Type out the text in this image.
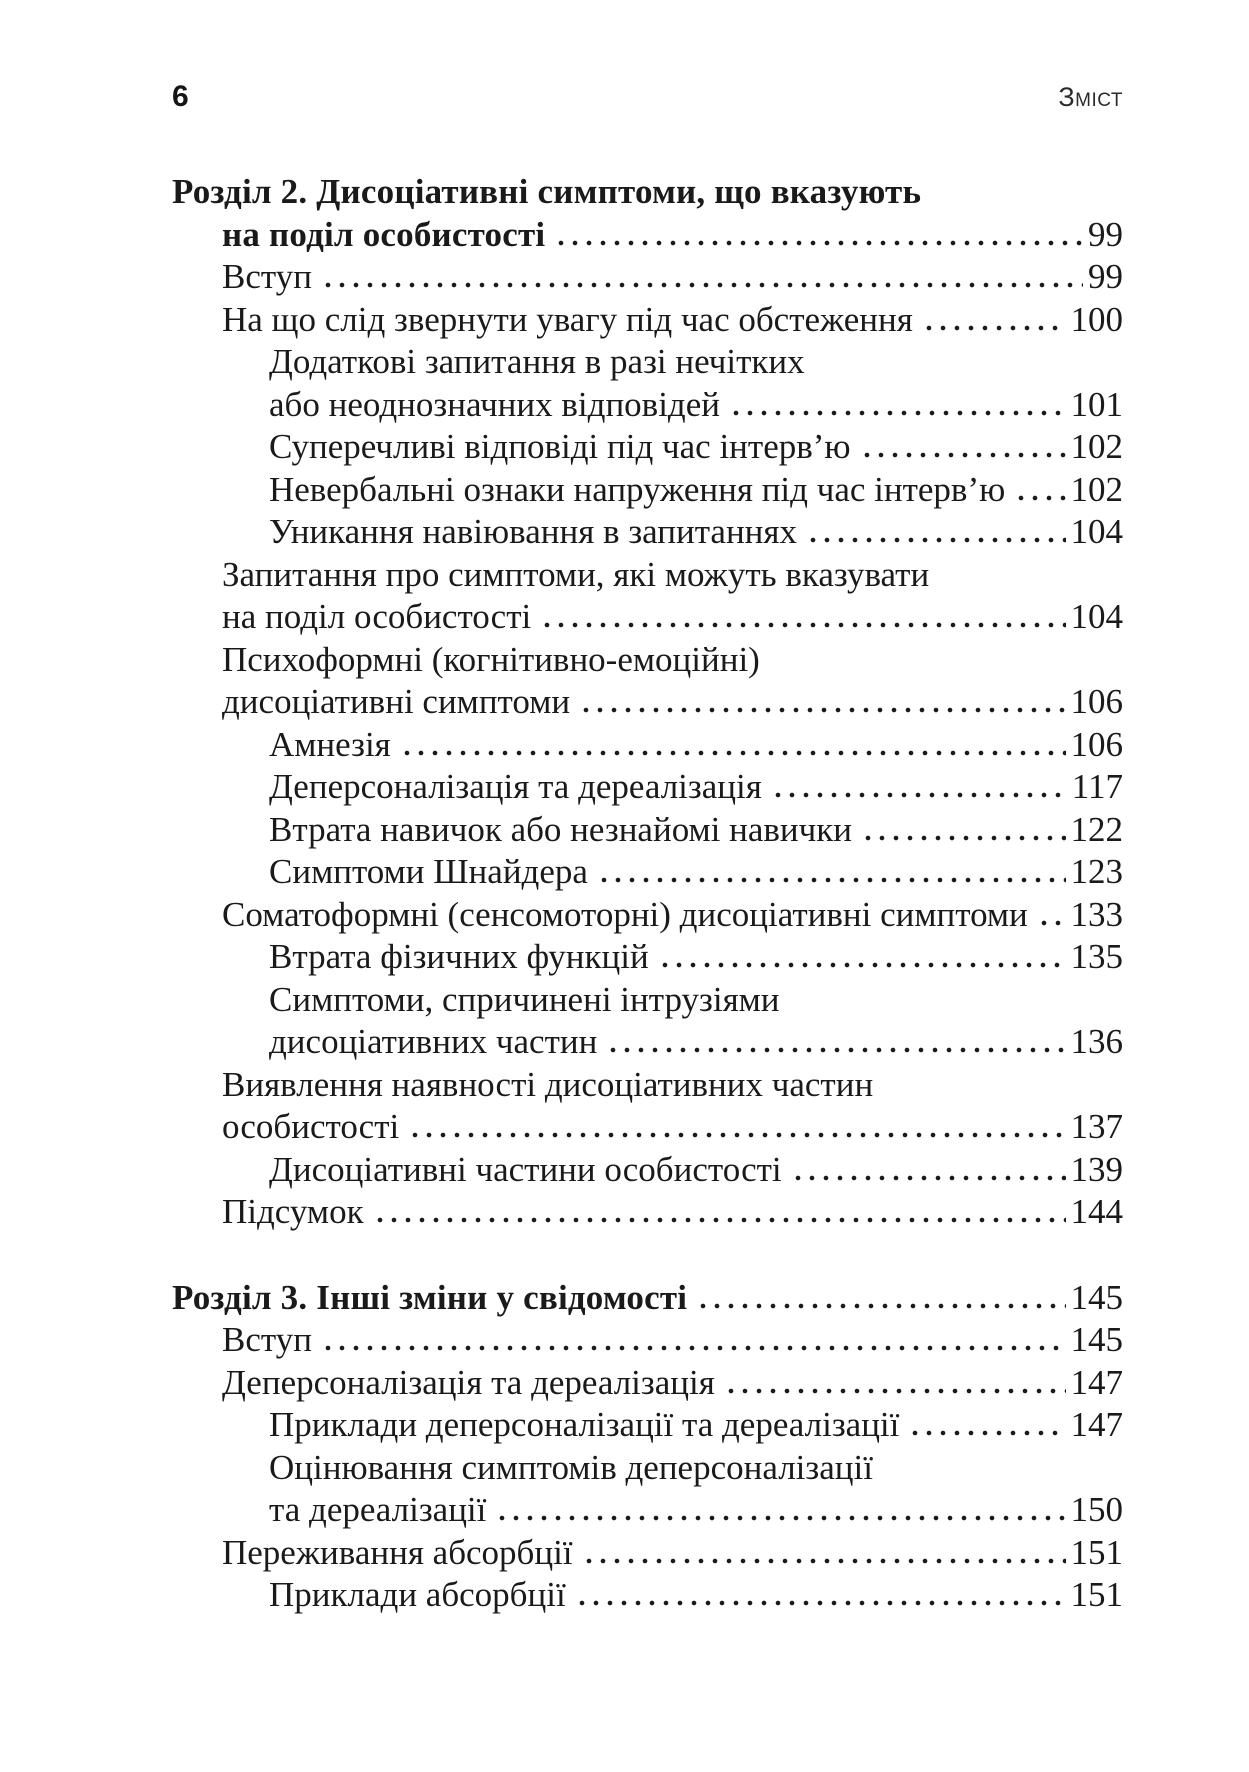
6	Зміст
Розділ 2. Дисоціативні симптоми, що вказують
на поділ особистості	99
Вступ	99
На що слід звернути увагу під час обстеження	100
Додаткові запитання в разі нечітких
або неоднозначних відповідей	101
Суперечливі відповіді під час інтерв’ю	102
Невербальні ознаки напруження під час інтерв’ю 102
Уникання навіювання в запитаннях	104
Запитання про симптоми, які можуть вказувати
на поділ особистості	104
Психоформні (когнітивно-емоційні)
дисоціативні симптоми	106
Амнезія	106
Деперсоналізація та дереалізація	117
Втрата навичок або незнайомі навички	122
Симптоми Шнайдера	123
Соматоформні (сенсомоторні) дисоціативні симптоми 133
Втрата фізичних функцій	135
Симптоми, спричинені інтрузіями
дисоціативних частин	136
Виявлення наявності дисоціативних частин
особистості	137
Дисоціативні частини особистості	139
Підсумок	144
Розділ 3. Інші зміни у свідомості	145
Вступ	145
Деперсоналізація та дереалізація	147
Приклади деперсоналізації та дереалізації	147
Оцінювання симптомів деперсоналізації
та дереалізації	150
Переживання абсорбції	151
Приклади абсорбції	151
